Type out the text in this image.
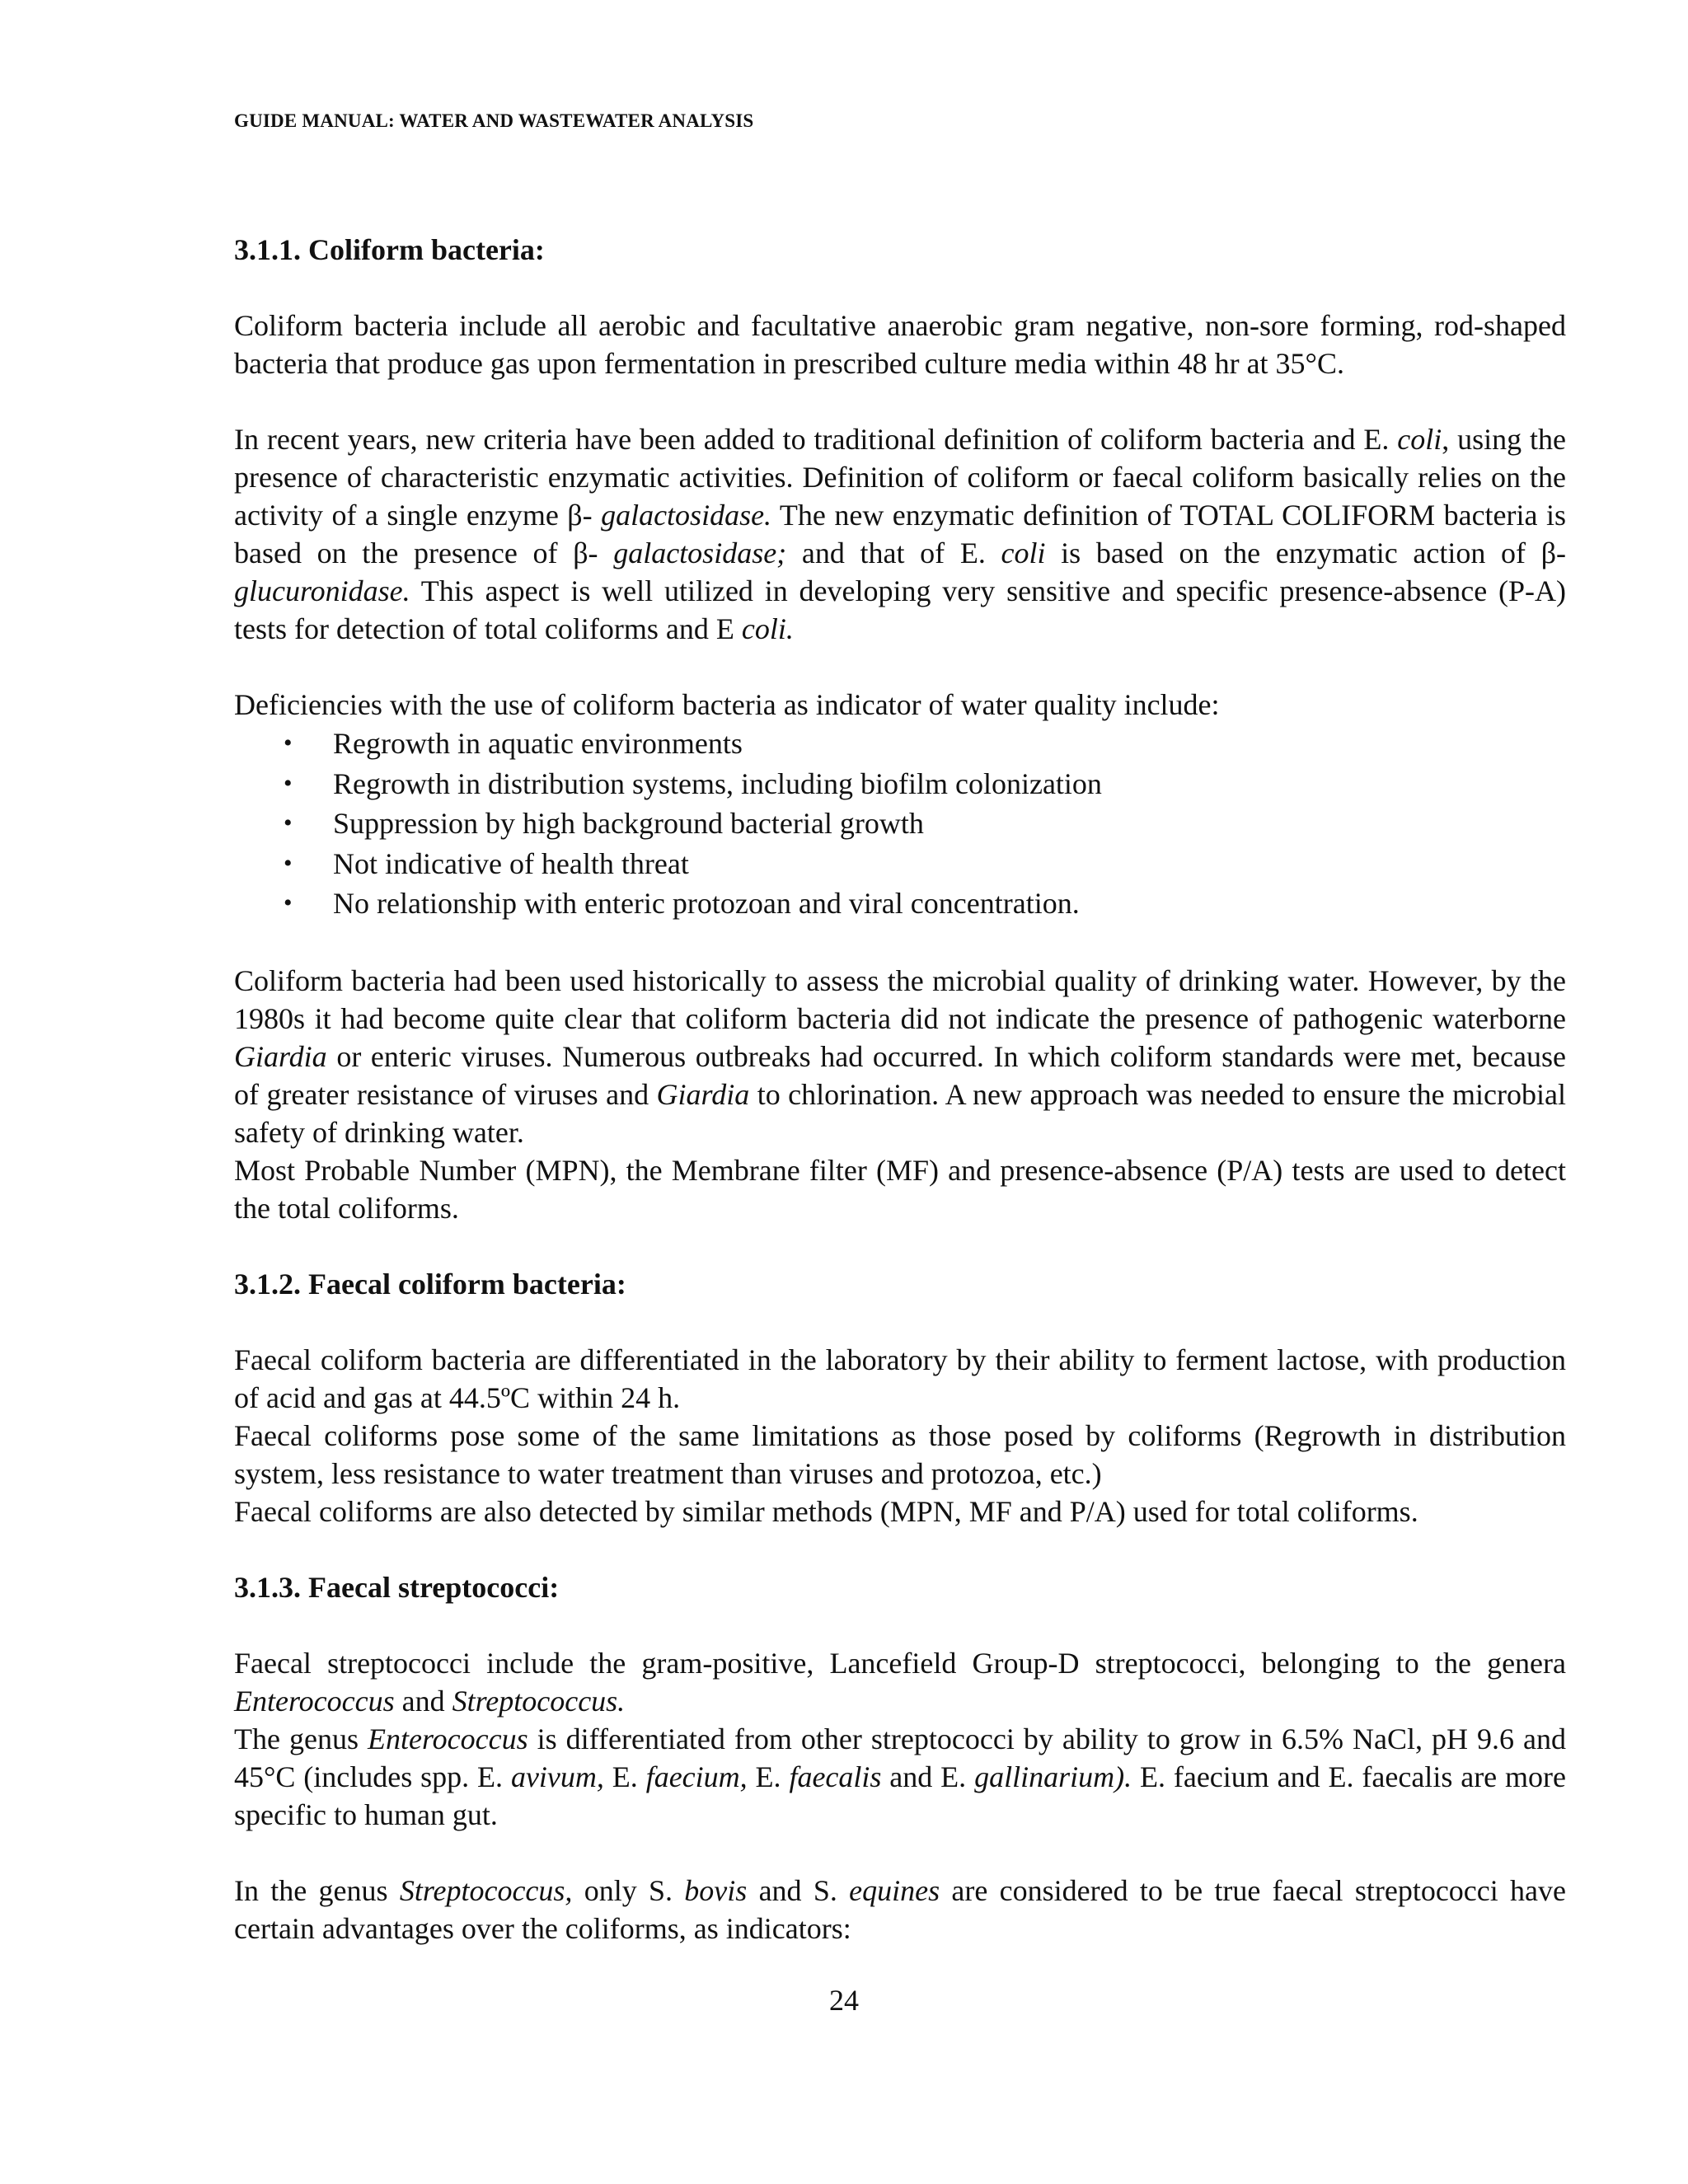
GUIDE MANUAL: WATER AND WASTEWATER ANALYSIS
3.1.1. Coliform bacteria:

Coliform bacteria include all aerobic and facultative anaerobic gram negative, non-sore forming, rod-shaped bacteria that produce gas upon fermentation in prescribed culture media within 48 hr at 35°C.

In recent years, new criteria have been added to traditional definition of coliform bacteria and E. coli, using the presence of characteristic enzymatic activities. Definition of coliform or faecal coliform basically relies on the activity of a single enzyme β- galactosidase. The new enzymatic definition of TOTAL COLIFORM bacteria is based on the presence of β- galactosidase; and that of E. coli is based on the enzymatic action of β- glucuronidase. This aspect is well utilized in developing very sensitive and specific presence-absence (P-A) tests for detection of total coliforms and E coli.

Deficiencies with the use of coliform bacteria as indicator of water quality include:

• Regrowth in aquatic environments
• Regrowth in distribution systems, including biofilm colonization
• Suppression by high background bacterial growth
• Not indicative of health threat
• No relationship with enteric protozoan and viral concentration.

Coliform bacteria had been used historically to assess the microbial quality of drinking water. However, by the 1980s it had become quite clear that coliform bacteria did not indicate the presence of pathogenic waterborne Giardia or enteric viruses. Numerous outbreaks had occurred. In which coliform standards were met, because of greater resistance of viruses and Giardia to chlorination. A new approach was needed to ensure the microbial safety of drinking water.

Most Probable Number (MPN), the Membrane filter (MF) and presence-absence (P/A) tests are used to detect the total coliforms.

3.1.2. Faecal coliform bacteria:

Faecal coliform bacteria are differentiated in the laboratory by their ability to ferment lactose, with production of acid and gas at 44.5ºC within 24 h.

Faecal coliforms pose some of the same limitations as those posed by coliforms (Regrowth in distribution system, less resistance to water treatment than viruses and protozoa, etc.)

Faecal coliforms are also detected by similar methods (MPN, MF and P/A) used for total coliforms.

3.1.3. Faecal streptococci:

Faecal streptococci include the gram-positive, Lancefield Group-D streptococci, belonging to the genera Enterococcus and Streptococcus.

The genus Enterococcus is differentiated from other streptococci by ability to grow in 6.5% NaCl, pH 9.6 and 45°C (includes spp. E. avivum, E. faecium, E. faecalis and E. gallinarium). E. faecium and E. faecalis are more specific to human gut.

In the genus Streptococcus, only S. bovis and S. equines are considered to be true faecal streptococci have certain advantages over the coliforms, as indicators:

24
